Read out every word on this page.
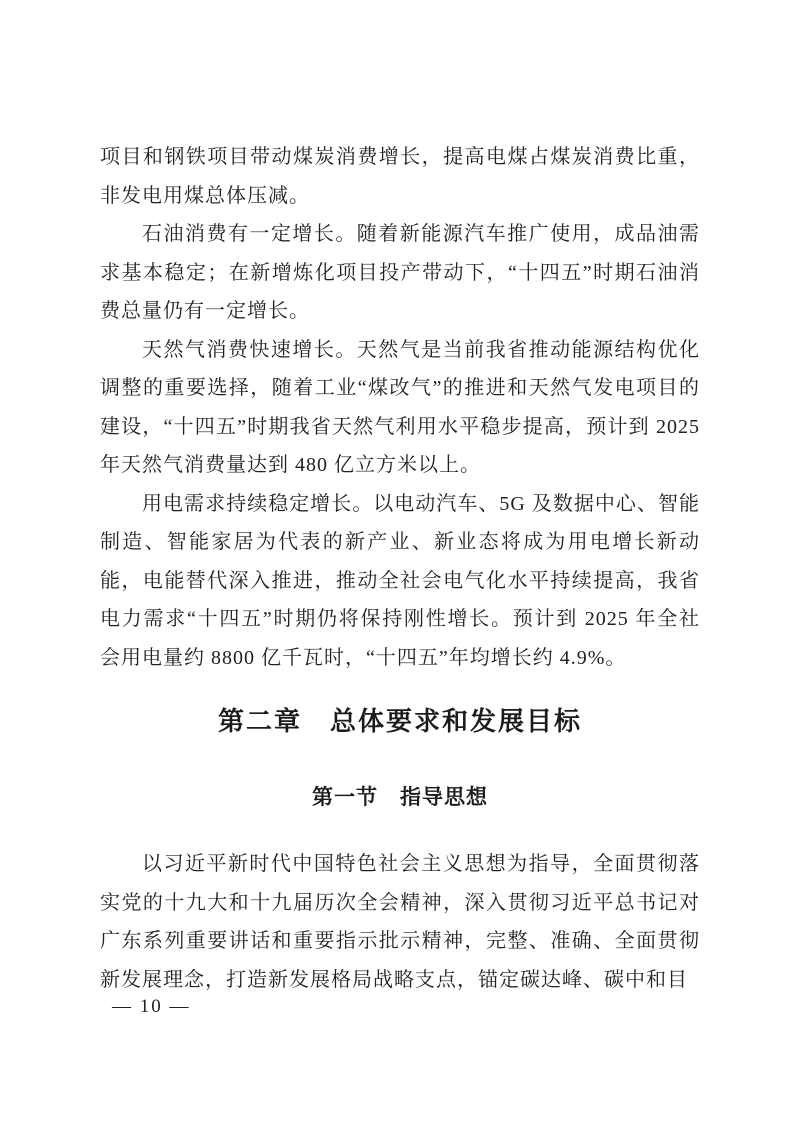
项目和钢铁项目带动煤炭消费增长，提高电煤占煤炭消费比重，非发电用煤总体压减。

石油消费有一定增长。随着新能源汽车推广使用，成品油需求基本稳定；在新增炼化项目投产带动下，“十四五”时期石油消费总量仍有一定增长。

天然气消费快速增长。天然气是当前我省推动能源结构优化调整的重要选择，随着工业“煤改气”的推进和天然气发电项目的建设，“十四五”时期我省天然气利用水平稳步提高，预计到 2025 年天然气消费量达到 480 亿立方米以上。

用电需求持续稳定增长。以电动汽车、5G 及数据中心、智能制造、智能家居为代表的新产业、新业态将成为用电增长新动能，电能替代深入推进，推动全社会电气化水平持续提高，我省电力需求“十四五”时期仍将保持刚性增长。预计到 2025 年全社会用电量约 8800 亿千瓦时，“十四五”年均增长约 4.9%。

第二章　总体要求和发展目标
第一节　指导思想

以习近平新时代中国特色社会主义思想为指导，全面贯彻落实党的十九大和十九届历次全会精神，深入贯彻习近平总书记对广东系列重要讲话和重要指示批示精神，完整、准确、全面贯彻新发展理念，打造新发展格局战略支点，锚定碳达峰、碳中和目

— 10 —
